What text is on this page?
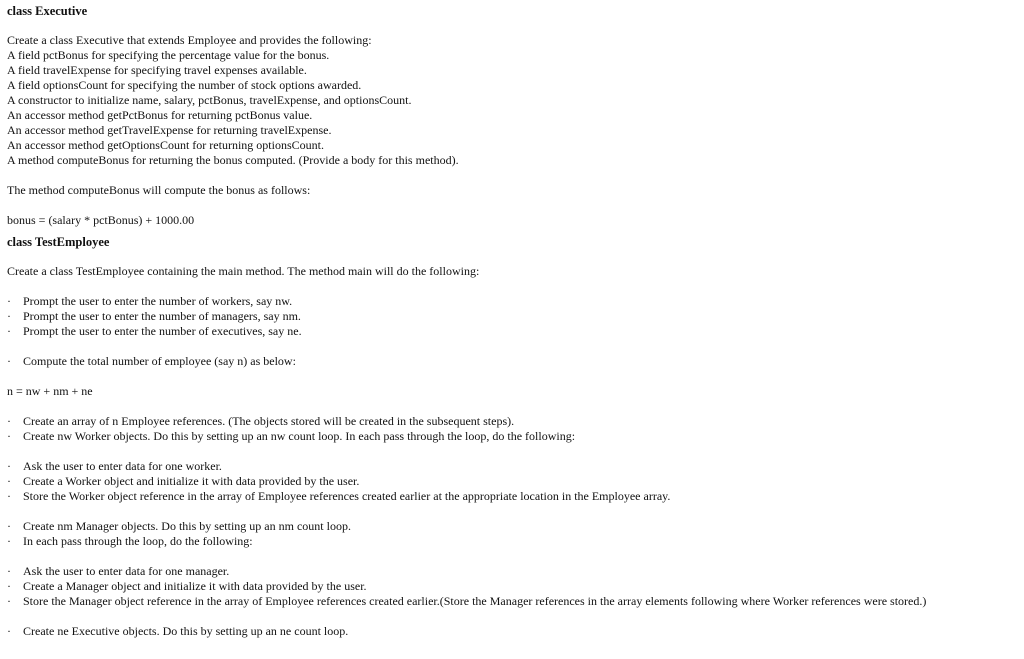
class Executive

Create a class Executive that extends Employee and provides the following:

A field pctBonus for specifying the percentage value for the bonus.

A field travelExpense for specifying travel expenses available.

A field optionsCount for specifying the number of stock options awarded.

A constructor to initialize name, salary, pctBonus, travelExpense, and optionsCount.

An accessor method getPctBonus for returning pctBonus value.

An accessor method getTravelExpense for returning travelExpense.

An accessor method getOptionsCount for returning optionsCount.

A method computeBonus for returning the bonus computed. (Provide a body for this method).

The method computeBonus will compute the bonus as follows:

bonus = (salary * pctBonus) + 1000.00

class TestEmployee

Create a class TestEmployee containing the main method. The method main will do the following:

·	Prompt the user to enter the number of workers, say nw.
·	Prompt the user to enter the number of managers, say nm.
·	Prompt the user to enter the number of executives, say ne.
·	Compute the total number of employee (say n) as below:

n = nw + nm + ne

·	Create an array of n Employee references. (The objects stored will be created in the subsequent steps).
·	Create nw Worker objects. Do this by setting up an nw count loop. In each pass through the loop, do the following:
·	Ask the user to enter data for one worker.
·	Create a Worker object and initialize it with data provided by the user.
·	Store the Worker object reference in the array of Employee references created earlier at the appropriate location in the Employee array.
·	Create nm Manager objects. Do this by setting up an nm count loop.
·	In each pass through the loop, do the following:
·	Ask the user to enter data for one manager.
·	Create a Manager object and initialize it with data provided by the user.
·	Store the Manager object reference in the array of Employee references created earlier.(Store the Manager references in the array elements following where Worker references were stored.)
·	Create ne Executive objects. Do this by setting up an ne count loop.
